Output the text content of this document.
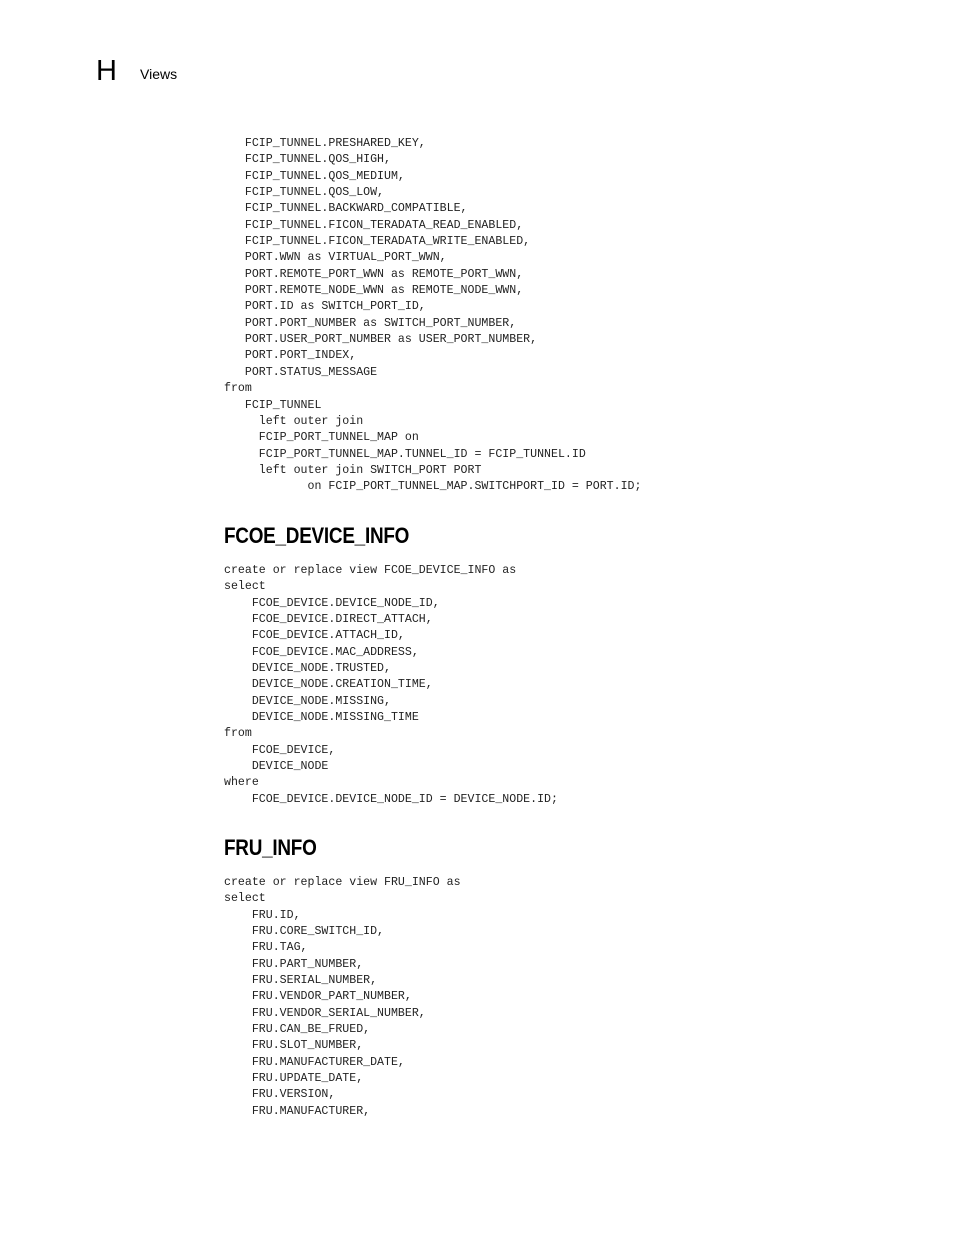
H Views
FCIP_TUNNEL.PRESHARED_KEY,
FCIP_TUNNEL.QOS_HIGH,
FCIP_TUNNEL.QOS_MEDIUM,
FCIP_TUNNEL.QOS_LOW,
FCIP_TUNNEL.BACKWARD_COMPATIBLE,
FCIP_TUNNEL.FICON_TERADATA_READ_ENABLED,
FCIP_TUNNEL.FICON_TERADATA_WRITE_ENABLED,
PORT.WWN as VIRTUAL_PORT_WWN,
PORT.REMOTE_PORT_WWN as REMOTE_PORT_WWN,
PORT.REMOTE_NODE_WWN as REMOTE_NODE_WWN,
PORT.ID as SWITCH_PORT_ID,
PORT.PORT_NUMBER as SWITCH_PORT_NUMBER,
PORT.USER_PORT_NUMBER as USER_PORT_NUMBER,
PORT.PORT_INDEX,
PORT.STATUS_MESSAGE
from
FCIP_TUNNEL
left outer join
FCIP_PORT_TUNNEL_MAP on
FCIP_PORT_TUNNEL_MAP.TUNNEL_ID = FCIP_TUNNEL.ID
left outer join SWITCH_PORT PORT
on FCIP_PORT_TUNNEL_MAP.SWITCHPORT_ID = PORT.ID;
FCOE_DEVICE_INFO
create or replace view FCOE_DEVICE_INFO as
select
FCOE_DEVICE.DEVICE_NODE_ID,
FCOE_DEVICE.DIRECT_ATTACH,
FCOE_DEVICE.ATTACH_ID,
FCOE_DEVICE.MAC_ADDRESS,
DEVICE_NODE.TRUSTED,
DEVICE_NODE.CREATION_TIME,
DEVICE_NODE.MISSING,
DEVICE_NODE.MISSING_TIME
from
FCOE_DEVICE,
DEVICE_NODE
where
FCOE_DEVICE.DEVICE_NODE_ID = DEVICE_NODE.ID;
FRU_INFO
create or replace view FRU_INFO as
select
FRU.ID,
FRU.CORE_SWITCH_ID,
FRU.TAG,
FRU.PART_NUMBER,
FRU.SERIAL_NUMBER,
FRU.VENDOR_PART_NUMBER,
FRU.VENDOR_SERIAL_NUMBER,
FRU.CAN_BE_FRUED,
FRU.SLOT_NUMBER,
FRU.MANUFACTURER_DATE,
FRU.UPDATE_DATE,
FRU.VERSION,
FRU.MANUFACTURER,
